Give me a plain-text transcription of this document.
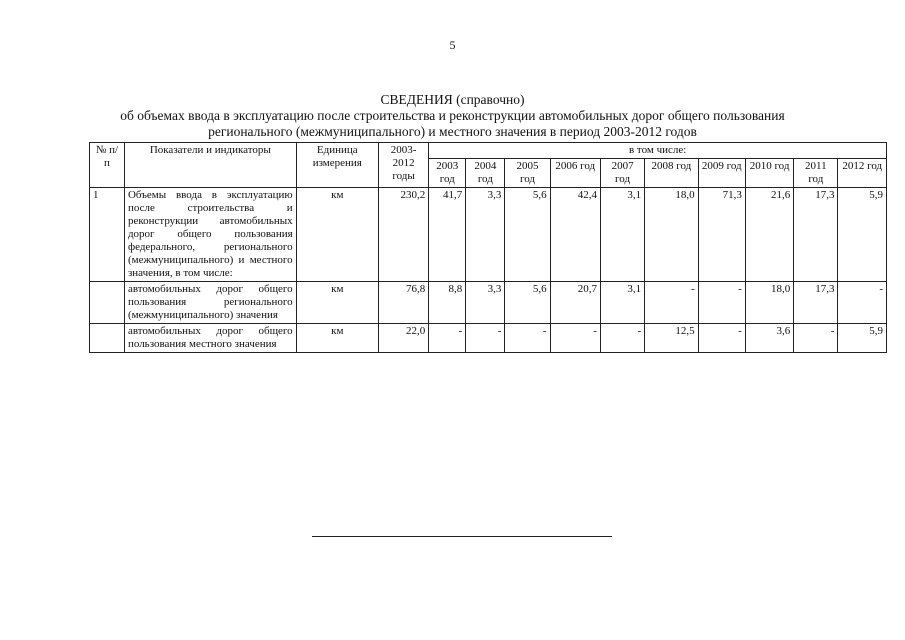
5
СВЕДЕНИЯ (справочно)
об объемах ввода в эксплуатацию после строительства и реконструкции автомобильных дорог общего пользования
регионального (межмуниципального) и местного значения в период 2003-2012 годов
№ п/п	Показатели и индикаторы	Единица измерения	2003-2012 годы	в том числе:									
				2003 год	2004 год	2005 год	2006 год	2007 год	2008 год	2009 год	2010 год	2011 год	2012 год
1	Объемы ввода в эксплуатацию после строительства и реконструкции автомобильных дорог общего пользования федерального, регионального (межмуниципального) и местного значения, в том числе:	км	230,2	41,7	3,3	5,6	42,4	3,1	18,0	71,3	21,6	17,3	5,9
	автомобильных дорог общего пользования регионального (межмуниципального) значения	км	76,8	8,8	3,3	5,6	20,7	3,1	-	-	18,0	17,3	-
	автомобильных дорог общего пользования местного значения	км	22,0	-	-	-	-	-	12,5	-	3,6	-	5,9
